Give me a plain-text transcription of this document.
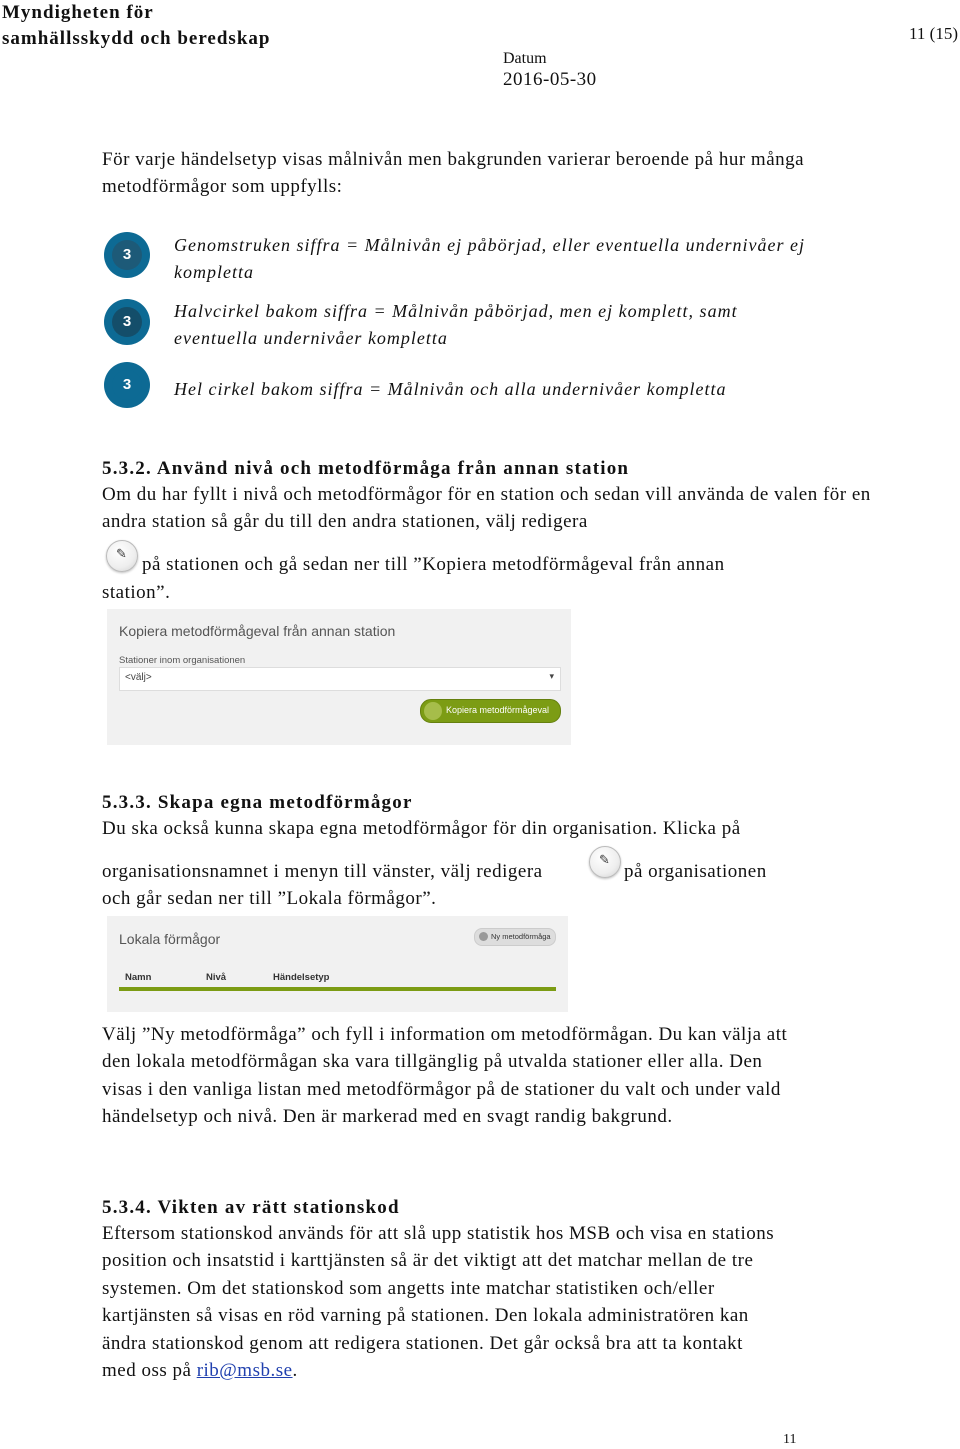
Myndigheten för
samhällsskydd och beredskap	11 (15)
Datum
2016-05-30

För varje händelsetyp visas målnivån men bakgrunden varierar beroende på hur många metodförmågor som uppfylls:

3	Genomstruken siffra = Målnivån ej påbörjad, eller eventuella undernivåer ej kompletta
3
Halvcirkel bakom siffra = Målnivån påbörjad, men ej komplett, samt eventuella undernivåer kompletta
3	Hel cirkel bakom siffra = Målnivån och alla undernivåer kompletta
5.3.2. Använd nivå och metodförmåga från annan station

Om du har fyllt i nivå och metodförmågor för en station och sedan vill använda de valen för en andra station så går du till den andra stationen, välj redigera

✎ på stationen och gå sedan ner till ”Kopiera metodförmågeval från annan

station”.

Kopiera metodförmågeval från annan station
Stationer inom organisationen
<välj>	▾
Kopiera metodförmågeval
5.3.3. Skapa egna metodförmågor

Du ska också kunna skapa egna metodförmågor för din organisation. Klicka på

organisationsnamnet i menyn till vänster, välj redigera

✎

på organisationen

och går sedan ner till ”Lokala förmågor”.

Lokala förmågor	Ny metodförmåga
Namn	Nivå	Händelsetyp

Välj ”Ny metodförmåga” och fyll i information om metodförmågan. Du kan välja att den lokala metodförmågan ska vara tillgänglig på utvalda stationer eller alla. Den visas i den vanliga listan med metodförmågor på de stationer du valt och under vald händelsetyp och nivå. Den är markerad med en svagt randig bakgrund.

5.3.4. Vikten av rätt stationskod

Eftersom stationskod används för att slå upp statistik hos MSB och visa en stations position och insatstid i karttjänsten så är det viktigt att det matchar mellan de tre systemen. Om det stationskod som angetts inte matchar statistiken och/eller kartjänsten så visas en röd varning på stationen. Den lokala administratören kan ändra stationskod genom att redigera stationen. Det går också bra att ta kontakt med oss på rib@msb.se.

11
